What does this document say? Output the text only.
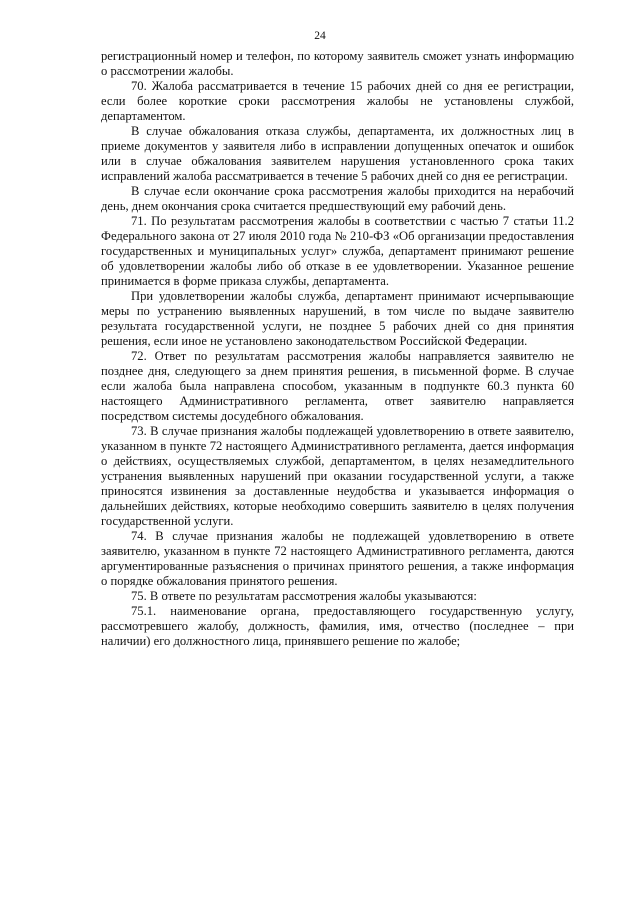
24

регистрационный номер и телефон, по которому заявитель сможет узнать информацию о рассмотрении жалобы.

70. Жалоба рассматривается в течение 15 рабочих дней со дня ее регистрации, если более короткие сроки рассмотрения жалобы не установлены службой, департаментом.

В случае обжалования отказа службы, департамента, их должностных лиц в приеме документов у заявителя либо в исправлении допущенных опечаток и ошибок или в случае обжалования заявителем нарушения установленного срока таких исправлений жалоба рассматривается в течение 5 рабочих дней со дня ее регистрации.

В случае если окончание срока рассмотрения жалобы приходится на нерабочий день, днем окончания срока считается предшествующий ему рабочий день.

71. По результатам рассмотрения жалобы в соответствии с частью 7 статьи 11.2 Федерального закона от 27 июля 2010 года № 210-ФЗ «Об организации предоставления государственных и муниципальных услуг» служба, департамент принимают решение об удовлетворении жалобы либо об отказе в ее удовлетворении. Указанное решение принимается в форме приказа службы, департамента.

При удовлетворении жалобы служба, департамент принимают исчерпывающие меры по устранению выявленных нарушений, в том числе по выдаче заявителю результата государственной услуги, не позднее 5 рабочих дней со дня принятия решения, если иное не установлено законодательством Российской Федерации.

72. Ответ по результатам рассмотрения жалобы направляется заявителю не позднее дня, следующего за днем принятия решения, в письменной форме. В случае если жалоба была направлена способом, указанным в подпункте 60.3 пункта 60 настоящего Административного регламента, ответ заявителю направляется посредством системы досудебного обжалования.

73. В случае признания жалобы подлежащей удовлетворению в ответе заявителю, указанном в пункте 72 настоящего Административного регламента, дается информация о действиях, осуществляемых службой, департаментом, в целях незамедлительного устранения выявленных нарушений при оказании государственной услуги, а также приносятся извинения за доставленные неудобства и указывается информация о дальнейших действиях, которые необходимо совершить заявителю в целях получения государственной услуги.

74. В случае признания жалобы не подлежащей удовлетворению в ответе заявителю, указанном в пункте 72 настоящего Административного регламента, даются аргументированные разъяснения о причинах принятого решения, а также информация о порядке обжалования принятого решения.

75. В ответе по результатам рассмотрения жалобы указываются:

75.1. наименование органа, предоставляющего государственную услугу, рассмотревшего жалобу, должность, фамилия, имя, отчество (последнее – при наличии) его должностного лица, принявшего решение по жалобе;
